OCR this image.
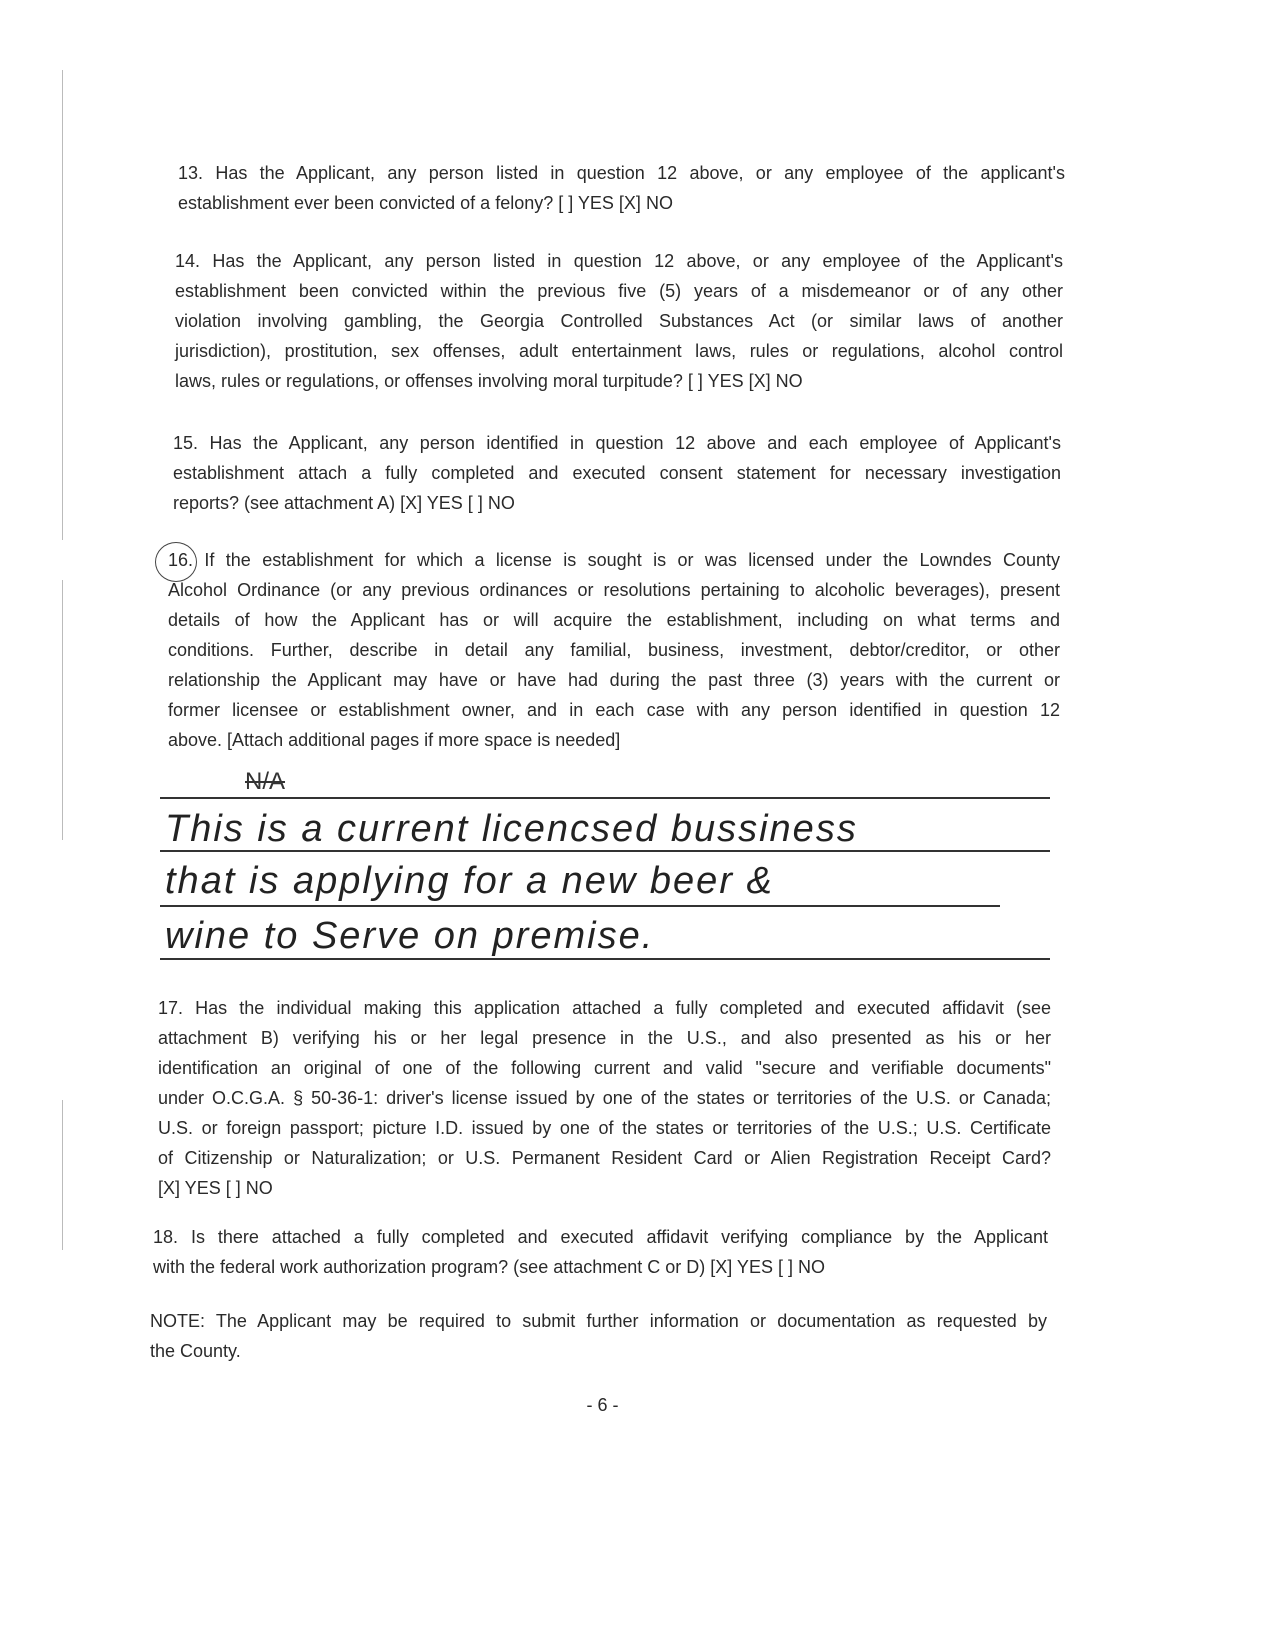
13. Has the Applicant, any person listed in question 12 above, or any employee of the applicant's
establishment ever been convicted of a felony? [ ] YES [X] NO
14. Has the Applicant, any person listed in question 12 above, or any employee of the Applicant's
establishment been convicted within the previous five (5) years of a misdemeanor or of any other
violation involving gambling, the Georgia Controlled Substances Act (or similar laws of another
jurisdiction), prostitution, sex offenses, adult entertainment laws, rules or regulations, alcohol control
laws, rules or regulations, or offenses involving moral turpitude? [ ] YES [X] NO
15. Has the Applicant, any person identified in question 12 above and each employee of Applicant's
establishment attach a fully completed and executed consent statement for necessary investigation
reports? (see attachment A) [X] YES [ ] NO
16. If the establishment for which a license is sought is or was licensed under the Lowndes County
Alcohol Ordinance (or any previous ordinances or resolutions pertaining to alcoholic beverages), present
details of how the Applicant has or will acquire the establishment, including on what terms and
conditions. Further, describe in detail any familial, business, investment, debtor/creditor, or other
relationship the Applicant may have or have had during the past three (3) years with the current or
former licensee or establishment owner, and in each case with any person identified in question 12
above. [Attach additional pages if more space is needed]
N/A
This is a current licencsed bussiness
that is applying for a new beer &
wine to Serve on premise.
17. Has the individual making this application attached a fully completed and executed affidavit (see
attachment B) verifying his or her legal presence in the U.S., and also presented as his or her
identification an original of one of the following current and valid "secure and verifiable documents"
under O.C.G.A. § 50-36-1: driver's license issued by one of the states or territories of the U.S. or Canada;
U.S. or foreign passport; picture I.D. issued by one of the states or territories of the U.S.; U.S. Certificate
of Citizenship or Naturalization; or U.S. Permanent Resident Card or Alien Registration Receipt Card?
[X] YES [ ] NO
18. Is there attached a fully completed and executed affidavit verifying compliance by the Applicant
with the federal work authorization program? (see attachment C or D) [X] YES [ ] NO
NOTE: The Applicant may be required to submit further information or documentation as requested by
the County.
- 6 -
